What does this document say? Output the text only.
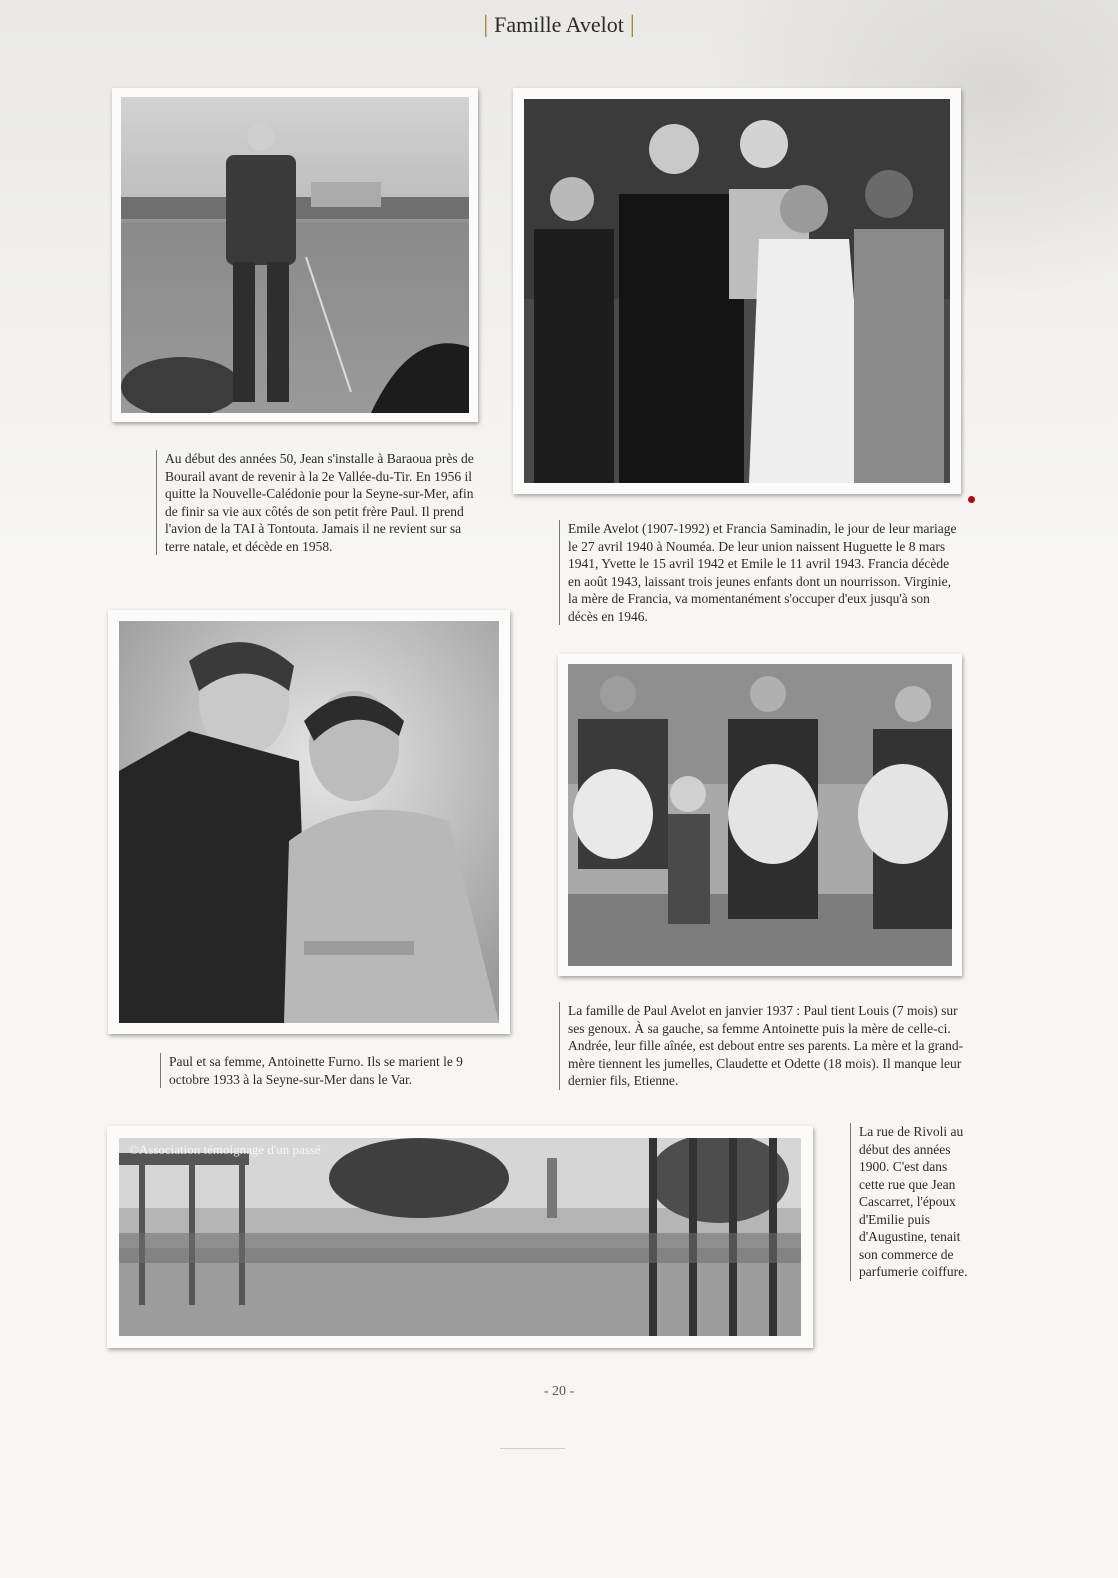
| Famille Avelot |

Au début des années 50, Jean s'installe à Baraoua près de Bourail avant de revenir à la 2e Vallée-du-Tir. En 1956 il quitte la Nouvelle-Calédonie pour la Seyne-sur-Mer, afin de finir sa vie aux côtés de son petit frère Paul. Il prend l'avion de la TAI à Tontouta. Jamais il ne revient sur sa terre natale, et décède en 1958.

Emile Avelot (1907-1992) et Francia Saminadin, le jour de leur mariage le 27 avril 1940 à Nouméa. De leur union naissent Huguette le 8 mars 1941, Yvette le 15 avril 1942 et Emile le 11 avril 1943. Francia décède en août 1943, laissant trois jeunes enfants dont un nourrisson. Virginie, la mère de Francia, va momentanément s'occuper d'eux jusqu'à son décès en 1946.

Paul et sa femme, Antoinette Furno. Ils se marient le 9 octobre 1933 à la Seyne-sur-Mer dans le Var.

La famille de Paul Avelot en janvier 1937 : Paul tient Louis (7 mois) sur ses genoux. À sa gauche, sa femme Antoinette puis la mère de celle-ci. Andrée, leur fille aînée, est debout entre ses parents. La mère et la grand-mère tiennent les jumelles, Claudette et Odette (18 mois). Il manque leur dernier fils, Etienne.

©Association témoignage d'un passé

La rue de Rivoli au début des années 1900. C'est dans cette rue que Jean Cascarret, l'époux d'Emilie puis d'Augustine, tenait son commerce de parfumerie coiffure.

- 20 -
